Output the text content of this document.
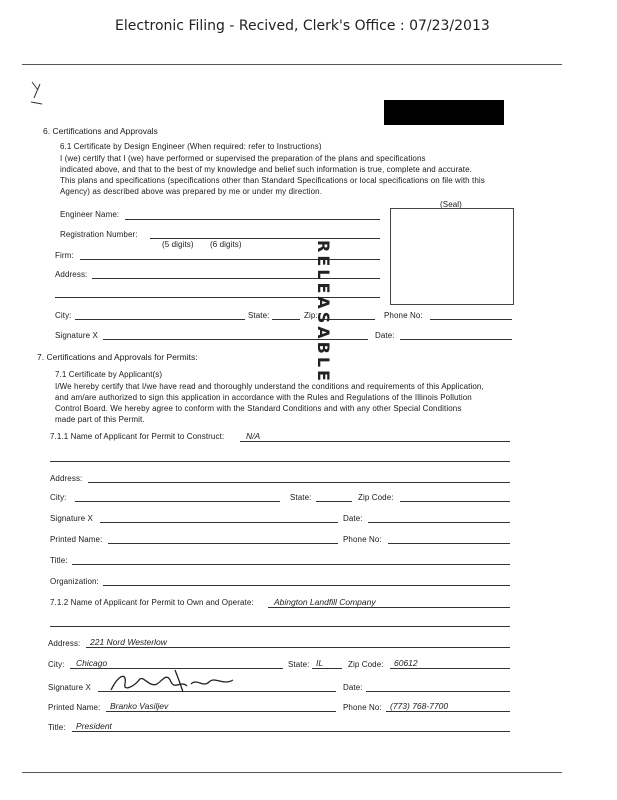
Electronic Filing - Recived, Clerk's Office : 07/23/2013
6. Certifications and Approvals
6.1 Certificate by Design Engineer (When required: refer to Instructions)
I (we) certify that I (we) have performed or supervised the preparation of the plans and specifications
indicated above, and that to the best of my knowledge and belief such information is true, complete and accurate.
This plans and specifications (specifications other than Standard Specifications or local specifications on file with this
Agency) as described above was prepared by me or under my direction.
(Seal)
Engineer Name:
Registration Number:
(5 digits) (6 digits)
Firm:
Address:
City:	State:	Zip:	Phone No:
Signature X	Date:
RELEASABLE
7. Certifications and Approvals for Permits:
7.1 Certificate by Applicant(s)
I/We hereby certify that I/we have read and thoroughly understand the conditions and requirements of this Application,
and am/are authorized to sign this application in accordance with the Rules and Regulations of the Illinois Pollution
Control Board. We hereby agree to conform with the Standard Conditions and with any other Special Conditions
made part of this Permit.
7.1.1 Name of Applicant for Permit to Construct:	N/A
Address:
City:	State:	Zip Code:
Signature X	Date:
Printed Name:	Phone No:
Title:
Organization:
7.1.2 Name of Applicant for Permit to Own and Operate: Abington Landfill Company
Address: 221 Nord Westerlow
City: Chicago	State: IL	Zip Code: 60612
Signature X	Date:
Printed Name: Branko Vasiljev	Phone No: (773) 768-7700
Title: President
